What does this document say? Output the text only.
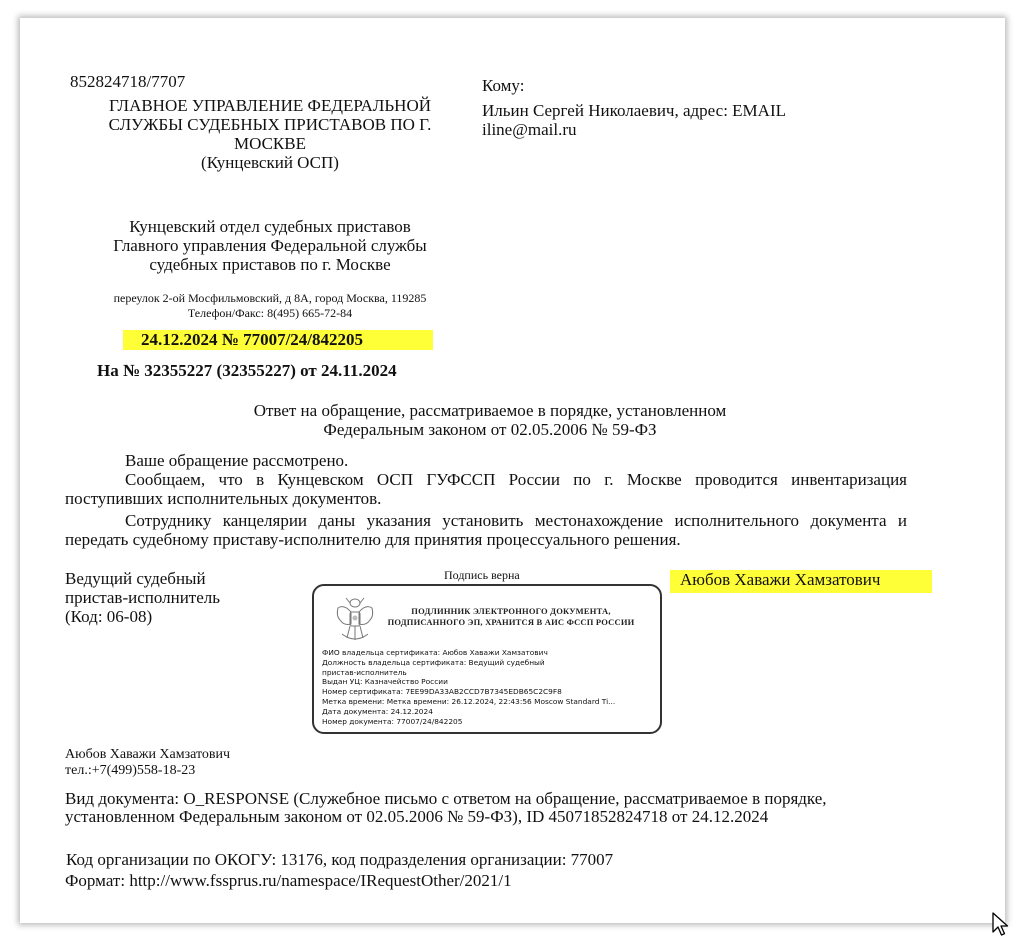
852824718/7707
ГЛАВНОЕ УПРАВЛЕНИЕ ФЕДЕРАЛЬНОЙ
СЛУЖБЫ СУДЕБНЫХ ПРИСТАВОВ ПО Г.
МОСКВЕ
(Кунцевский ОСП)
Кунцевский отдел судебных приставов
Главного управления Федеральной службы
судебных приставов по г. Москве
переулок 2-ой Мосфильмовский, д 8А, город Москва, 119285
Телефон/Факс: 8(495) 665-72-84
24.12.2024 № 77007/24/842205
На № 32355227 (32355227) от 24.11.2024
Кому:
Ильин Сергей Николаевич, адрес: EMAIL
iline@mail.ru
Ответ на обращение, рассматриваемое в порядке, установленном
Федеральным законом от 02.05.2006 № 59-ФЗ
Ваше обращение рассмотрено.
Сообщаем, что в Кунцевском ОСП ГУФССП России по г. Москве проводится инвентаризация поступивших исполнительных документов.
Сотруднику канцелярии даны указания установить местонахождение исполнительного документа и передать судебному приставу-исполнителю для принятия процессуального решения.
Ведущий судебный
пристав-исполнитель
(Код: 06-08)
Подпись верна	Аюбов Хаважи Хамзатович
ПОДЛИННИК ЭЛЕКТРОННОГО ДОКУМЕНТА,
ПОДПИСАННОГО ЭП, ХРАНИТСЯ В АИС ФССП РОССИИ
ФИО владельца сертификата: Аюбов Хаважи Хамзатович
Должность владельца сертификата: Ведущий судебный
пристав-исполнитель
Выдан УЦ: Казначейство России
Номер сертификата: 7EE99DA33AB2CCD7B7345EDB65C2C9F8
Метка времени: Метка времени: 26.12.2024, 22:43:56 Moscow Standard Ti...
Дата документа: 24.12.2024
Номер документа: 77007/24/842205
Аюбов Хаважи Хамзатович
тел.:+7(499)558-18-23
Вид документа: O_RESPONSE (Служебное письмо с ответом на обращение, рассматриваемое в порядке, установленном Федеральным законом от 02.05.2006 № 59-ФЗ), ID 45071852824718 от 24.12.2024
Код организации по ОКОГУ: 13176, код подразделения организации: 77007
Формат: http://www.fssprus.ru/namespace/IRequestOther/2021/1
